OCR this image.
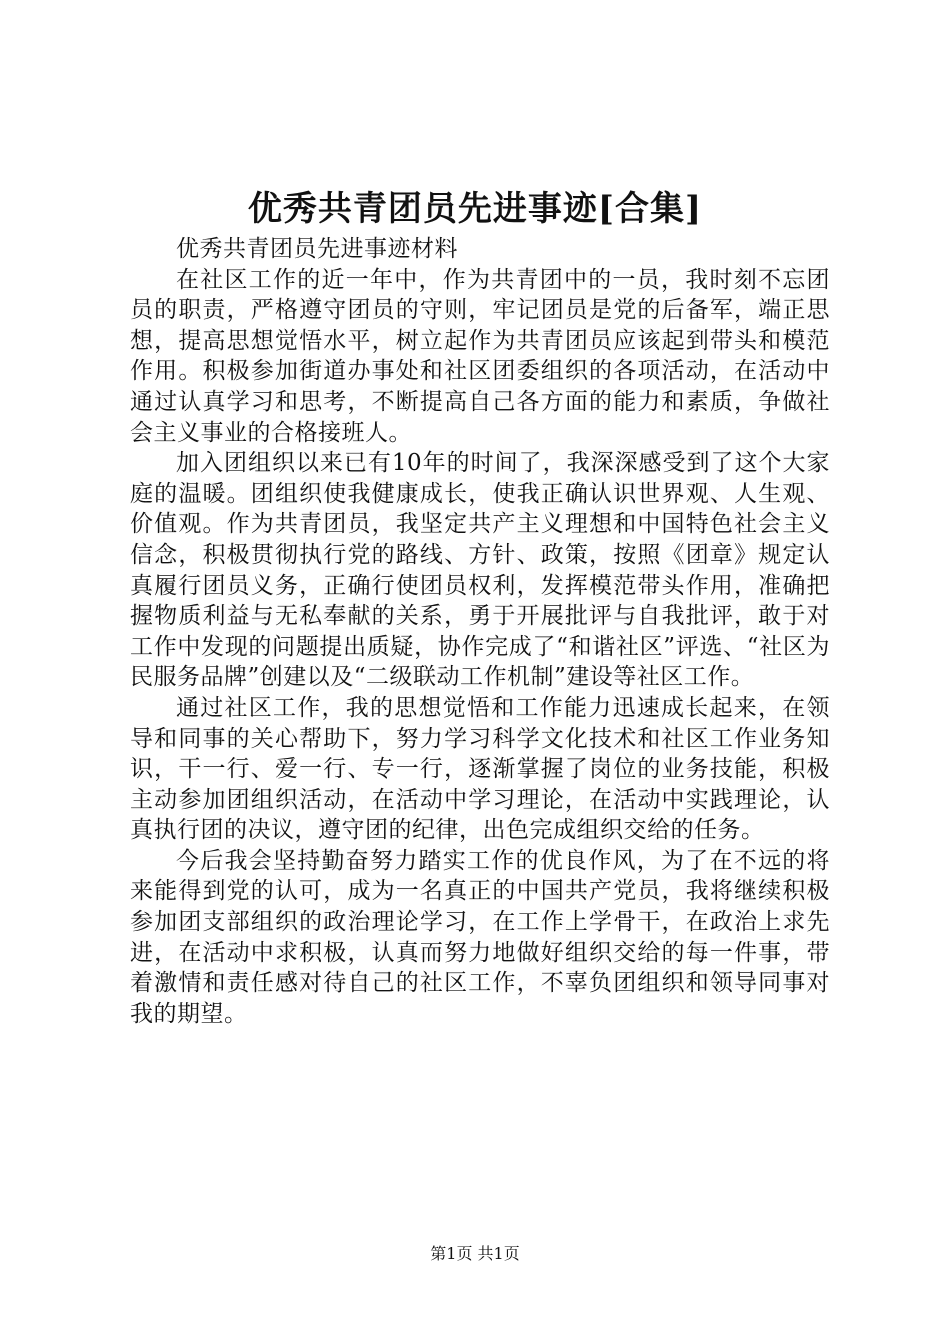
优秀共青团员先进事迹[合集]

优秀共青团员先进事迹材料

在社区工作的近一年中，作为共青团中的一员，我时刻不忘团员的职责，严格遵守团员的守则，牢记团员是党的后备军，端正思想，提高思想觉悟水平，树立起作为共青团员应该起到带头和模范作用。积极参加街道办事处和社区团委组织的各项活动，在活动中通过认真学习和思考，不断提高自己各方面的能力和素质，争做社会主义事业的合格接班人。

加入团组织以来已有10年的时间了，我深深感受到了这个大家庭的温暖。团组织使我健康成长，使我正确认识世界观、人生观、价值观。作为共青团员，我坚定共产主义理想和中国特色社会主义信念，积极贯彻执行党的路线、方针、政策，按照《团章》规定认真履行团员义务，正确行使团员权利，发挥模范带头作用，准确把握物质利益与无私奉献的关系，勇于开展批评与自我批评，敢于对工作中发现的问题提出质疑，协作完成了“和谐社区”评选、“社区为民服务品牌”创建以及“二级联动工作机制”建设等社区工作。

通过社区工作，我的思想觉悟和工作能力迅速成长起来，在领导和同事的关心帮助下，努力学习科学文化技术和社区工作业务知识，干一行、爱一行、专一行，逐渐掌握了岗位的业务技能，积极主动参加团组织活动，在活动中学习理论，在活动中实践理论，认真执行团的决议，遵守团的纪律，出色完成组织交给的任务。

今后我会坚持勤奋努力踏实工作的优良作风，为了在不远的将来能得到党的认可，成为一名真正的中国共产党员，我将继续积极参加团支部组织的政治理论学习，在工作上学骨干，在政治上求先进，在活动中求积极，认真而努力地做好组织交给的每一件事，带着激情和责任感对待自己的社区工作，不辜负团组织和领导同事对我的期望。

第1页 共1页
